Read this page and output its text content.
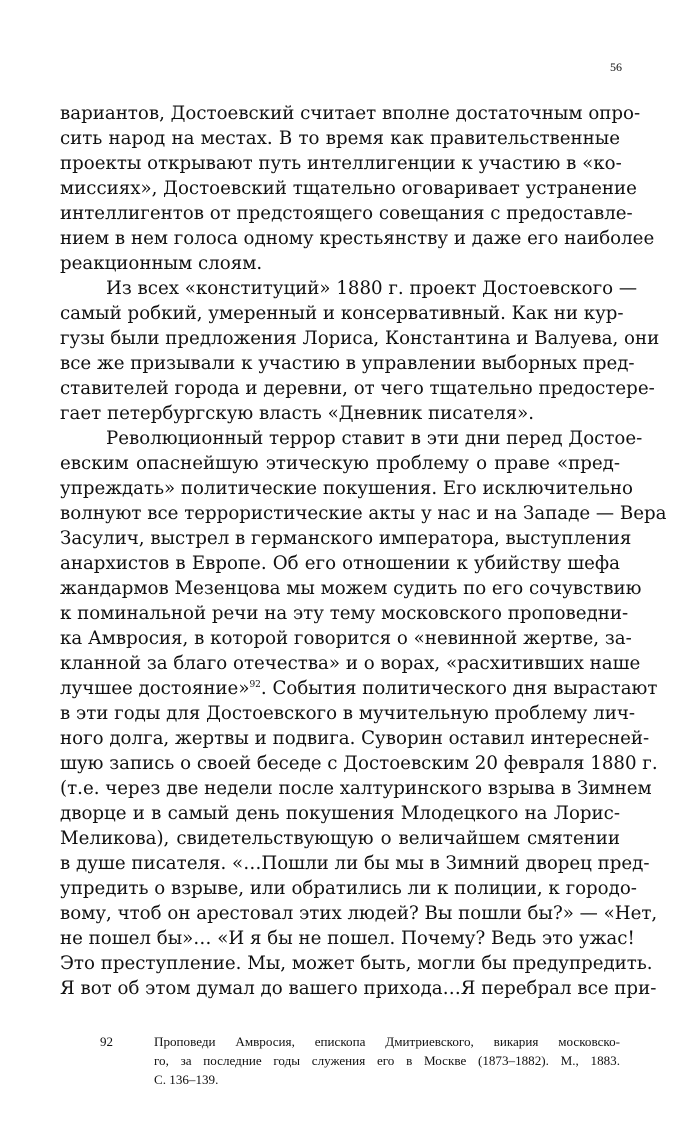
56
вариантов, Достоевский считает вполне достаточным опро-
сить народ на местах. В то время как правительственные
проекты открывают путь интеллигенции к участию в «ко-
миссиях», Достоевский тщательно оговаривает устранение
интеллигентов от предстоящего совещания с предоставле-
нием в нем голоса одному крестьянству и даже его наиболее
реакционным слоям.
Из всех «конституций» 1880 г. проект Достоевского —
самый робкий, умеренный и консервативный. Как ни кур-
гузы были предложения Лориса, Константина и Валуева, они
все же призывали к участию в управлении выборных пред-
ставителей города и деревни, от чего тщательно предостере-
гает петербургскую власть «Дневник писателя».
Революционный террор ставит в эти дни перед Достоe-
евским опаснейшую этическую проблему о праве «пред-
упреждать» политические покушения. Его исключительно
волнуют все террористические акты у нас и на Западе — Вера
Засулич, выстрел в германского императора, выступления
анархистов в Европе. Об его отношении к убийству шефа
жандармов Мезенцова мы можем судить по его сочувствию
к поминальной речи на эту тему московского проповедни-
ка Амвросия, в которой говорится о «невинной жертве, за-
кланной за благо отечества» и о ворах, «расхитивших наше
лучшее достояние»$^{92}$. События политического дня вырастают
в эти годы для Достоевского в мучительную проблему лич-
ного долга, жертвы и подвига. Суворин оставил интересней-
шую запись о своей беседе с Достоевским 20 февраля 1880 г.
(т.е. через две недели после халтуринского взрыва в Зимнем
дворце и в самый день покушения Млодецкого на Лорис-
Меликова), свидетельствующую о величайшем смятении
в душе писателя. «…Пошли ли бы мы в Зимний дворец пред-
упредить о взрыве, или обратились ли к полиции, к городо-
вому, чтоб он арестовал этих людей? Вы пошли бы?» — «Нет,
не пошел бы»… «И я бы не пошел. Почему? Ведь это ужас!
Это преступление. Мы, может быть, могли бы предупредить.
Я вот об этом думал до вашего прихода…Я перебрал все при-
92	Проповеди Амвросия, епископа Дмитриевского, викария московско-
го, за последние годы служения его в Москве (1873–1882). М., 1883.
С. 136–139.
